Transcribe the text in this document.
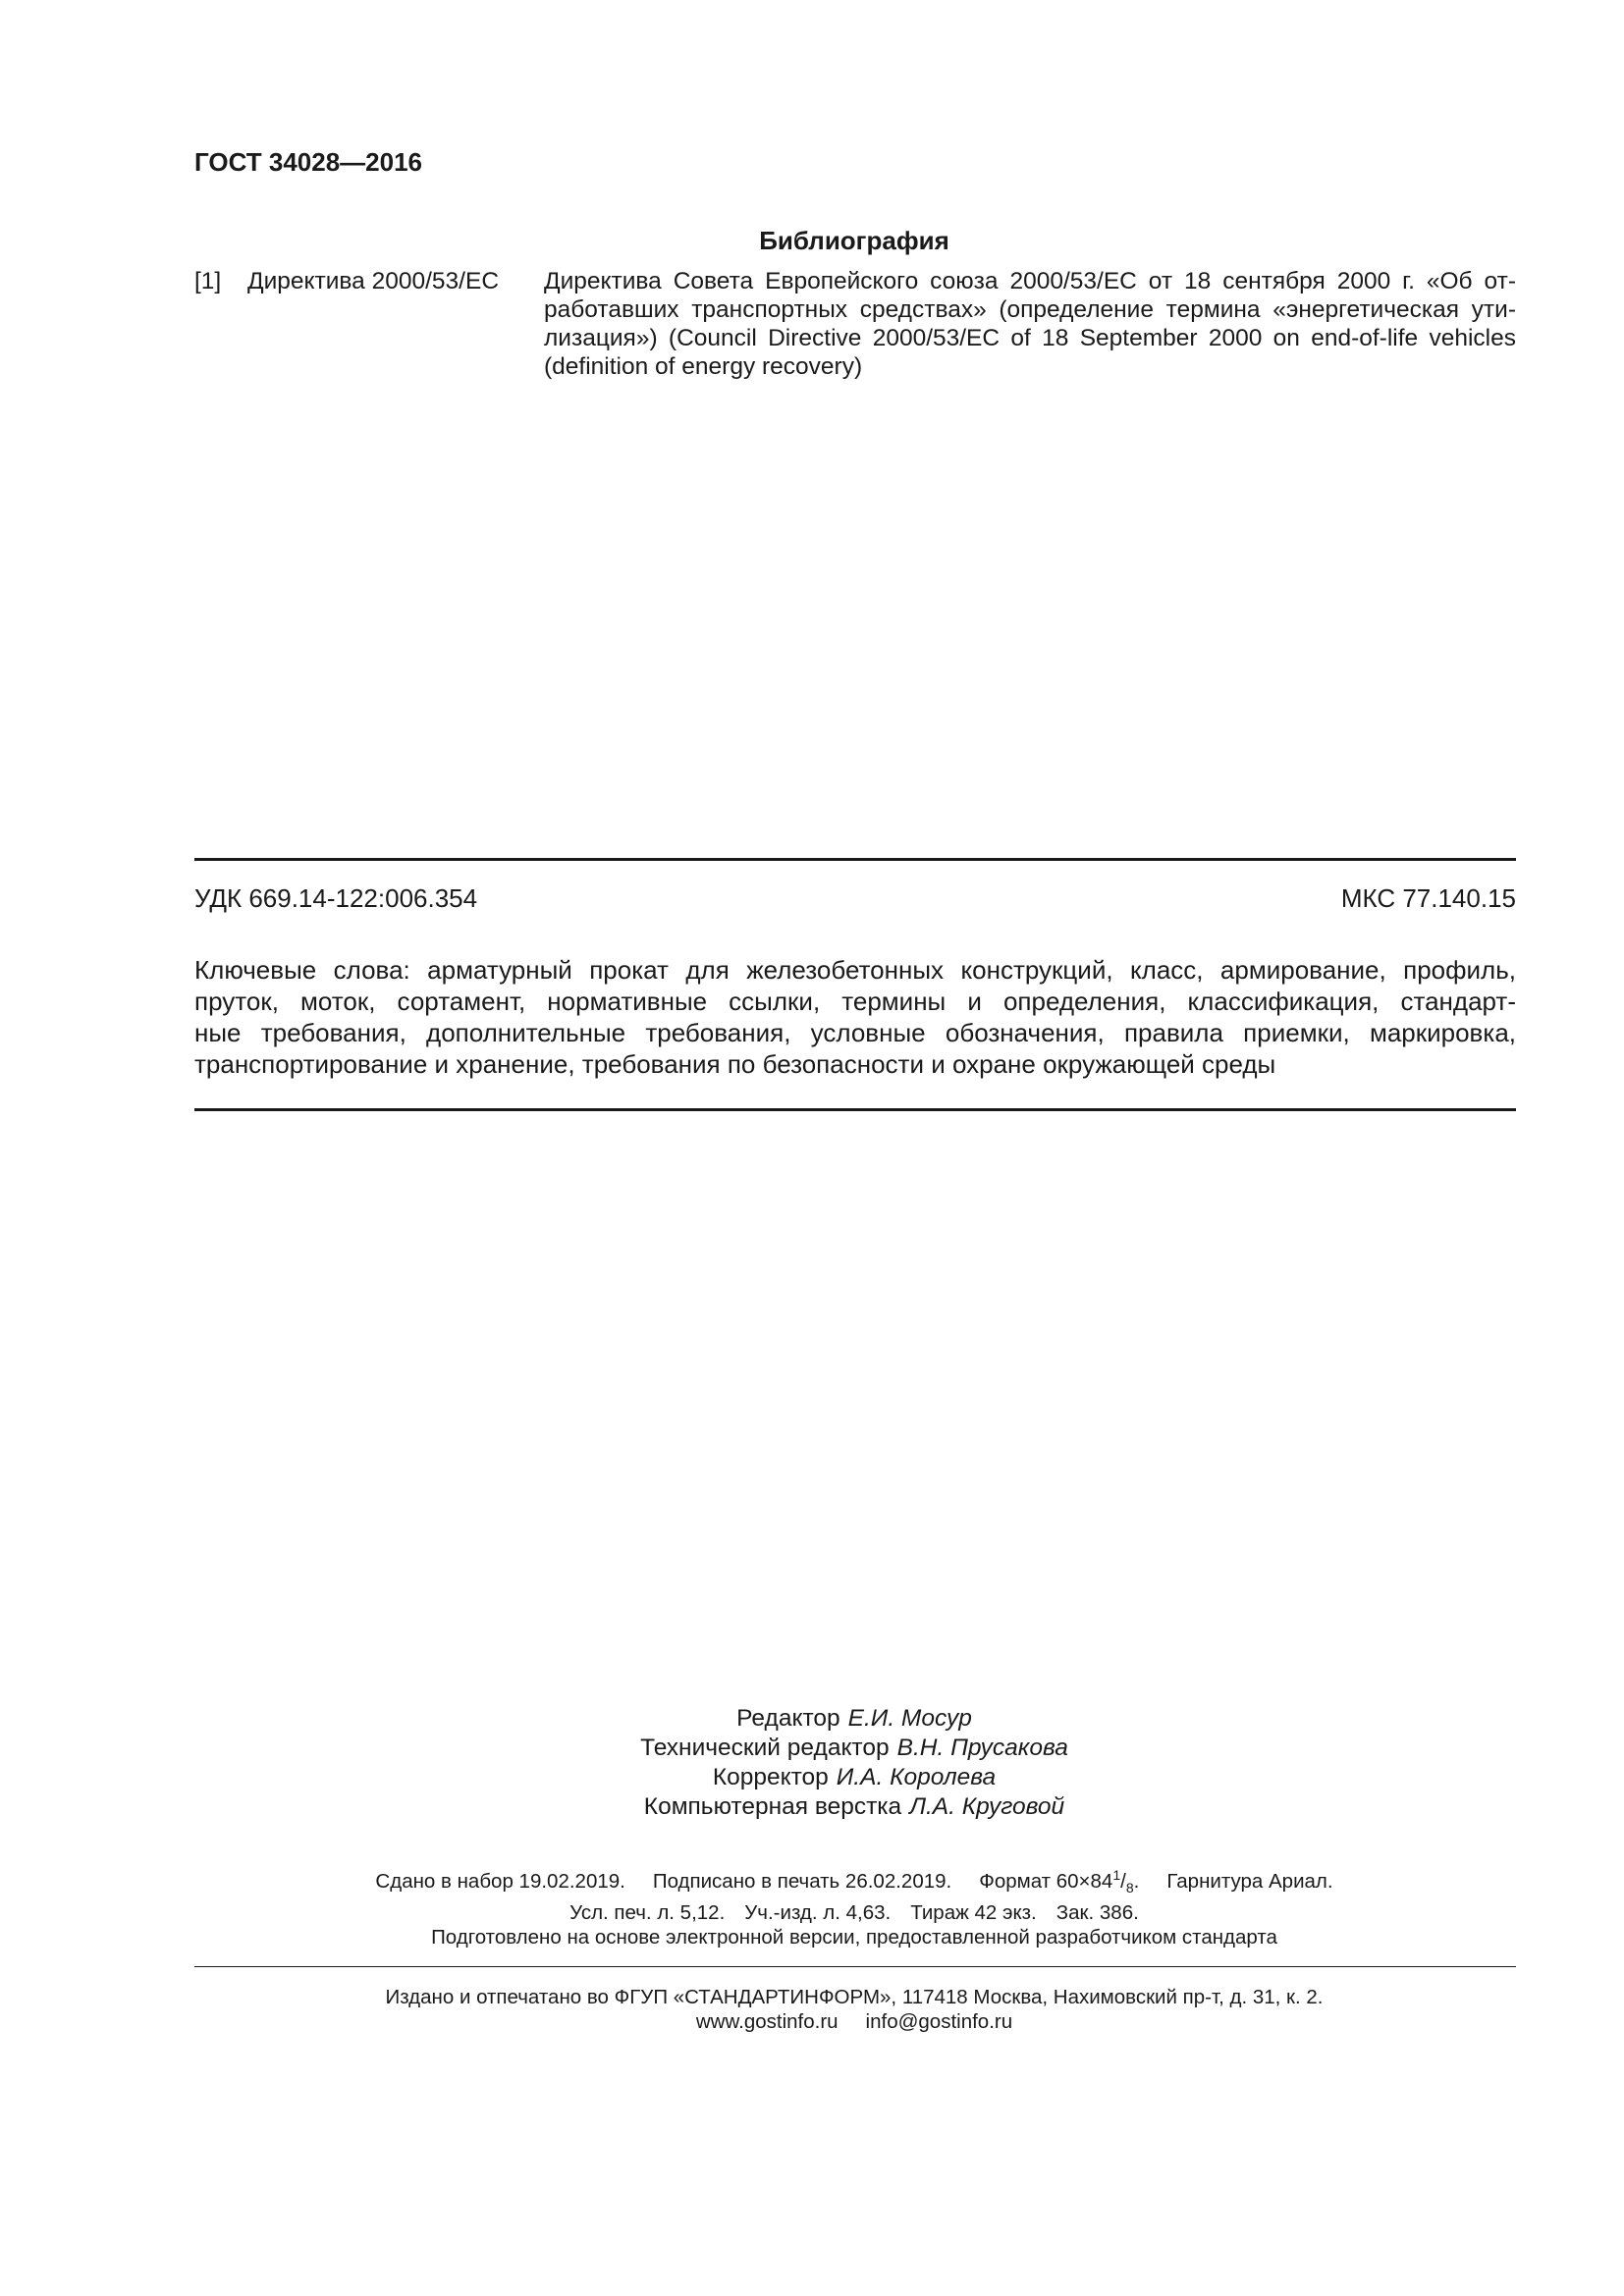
ГОСТ 34028—2016
Библиография
[1] Директива 2000/53/ЕС Директива Совета Европейского союза 2000/53/ЕС от 18 сентября 2000 г. «Об от-
работавших транспортных средствах» (определение термина «энергетическая ути-
лизация») (Council Directive 2000/53/EC of 18 September 2000 on end-of-life vehicles
(definition of energy recovery)
УДК 669.14-122:006.354	МКС 77.140.15
Ключевые слова: арматурный прокат для железобетонных конструкций, класс, армирование, профиль,
пруток, моток, сортамент, нормативные ссылки, термины и определения, классификация, стандарт-
ные требования, дополнительные требования, условные обозначения, правила приемки, маркировка,
транспортирование и хранение, требования по безопасности и охране окружающей среды
Редактор Е.И. Мосур
Технический редактор В.Н. Прусакова
Корректор И.А. Королева
Компьютерная верстка Л.А. Круговой
Сдано в набор 19.02.2019. Подписано в печать 26.02.2019. Формат $60\times 84^1/_8$. Гарнитура Ариал.
Усл. печ. л. 5,12. Уч.-изд. л. 4,63. Тираж 42 экз. Зак. 386.
Подготовлено на основе электронной версии, предоставленной разработчиком стандарта
Издано и отпечатано во ФГУП «СТАНДАРТИНФОРМ», 117418 Москва, Нахимовский пр-т, д. 31, к. 2.
www.gostinfo.ru info@gostinfo.ru
